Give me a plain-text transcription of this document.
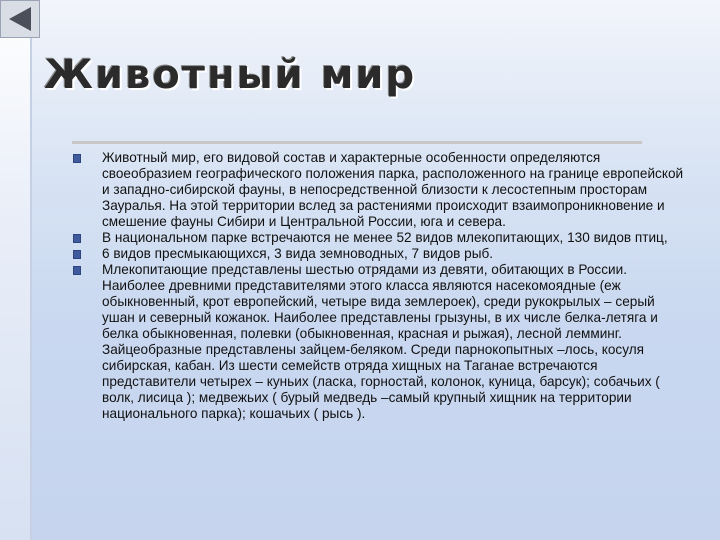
Животный мир
Животный мир, его видовой состав и характерные особенности определяются своеобразием географического положения парка, расположенного на границе европейской и западно-сибирской фауны, в непосредственной близости к лесостепным просторам Зауралья. На этой территории вслед за растениями происходит взаимопроникновение и смешение фауны Сибири и Центральной России, юга и севера.
В национальном парке встречаются не менее 52 видов млекопитающих, 130 видов птиц,
6 видов пресмыкающихся, 3 вида земноводных, 7 видов рыб.
Млекопитающие представлены шестью отрядами из девяти, обитающих в России. Наиболее древними представителями этого класса являются насекомоядные (еж обыкновенный, крот европейский, четыре вида землероек), среди рукокрылых – серый ушан и северный кожанок. Наиболее представлены грызуны, в их числе белка-летяга и белка обыкновенная, полевки (обыкновенная, красная и рыжая), лесной лемминг. Зайцеобразные представлены зайцем-беляком. Среди парнокопытных –лось, косуля сибирская, кабан. Из шести семейств отряда хищных на Таганае встречаются представители четырех – куньих (ласка, горностай, колонок, куница, барсук); собачьих ( волк, лисица ); медвежьих ( бурый медведь –самый крупный хищник на территории национального парка); кошачьих ( рысь ).
